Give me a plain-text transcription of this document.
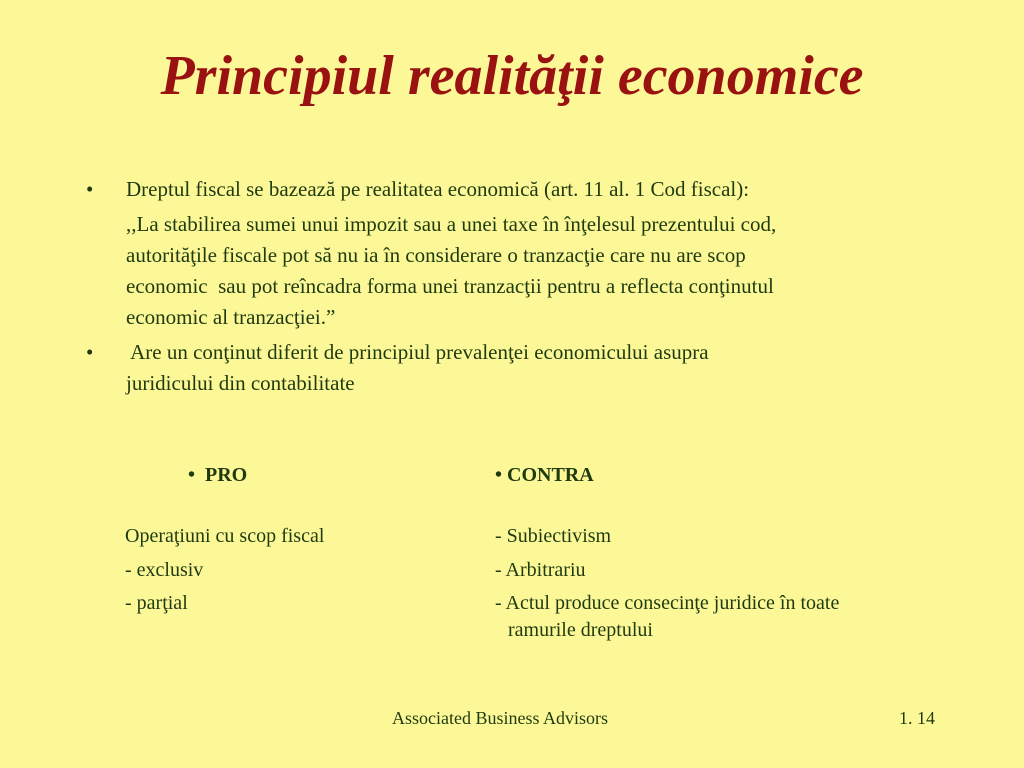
Principiul realităţii economice
• Dreptul fiscal se bazează pe realitatea economică (art. 11 al. 1 Cod fiscal):
,,La stabilirea sumei unui impozit sau a unei taxe în înţelesul prezentului cod,
autorităţile fiscale pot să nu ia în considerare o tranzacţie care nu are scop
economic  sau pot reîncadra forma unei tranzacţii pentru a reflecta conţinutul
economic al tranzacţiei.”
• Are un conţinut diferit de principiul prevalenţei economicului asupra
juridicului din contabilitate
•  PRO
Operaţiuni cu scop fiscal
- exclusiv
- parţial
• CONTRA
- Subiectivism
- Arbitrariu
- Actul produce consecinţe juridice în toate
ramurile dreptului
Associated Business Advisors	1. 14
